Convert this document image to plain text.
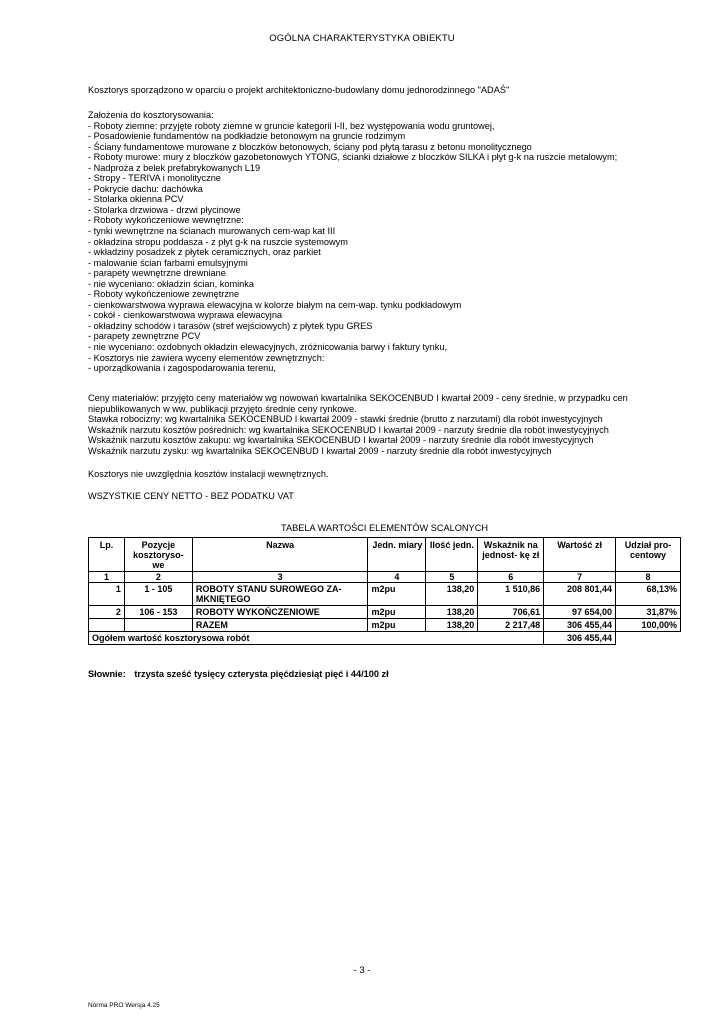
OGÓLNA CHARAKTERYSTYKA OBIEKTU
Kosztorys sporządzono w oparciu o projekt architektoniczno-budowlany domu jednorodzinnego "ADAŚ"
Założenia do kosztorysowania:
- Roboty ziemne: przyjęte roboty ziemne w gruncie kategorii I-II, bez występowania wodu gruntowej,
- Posadowienie fundamentów na podkładzie betonowym na gruncie rodzimym
- Ściany fundamentowe murowane z bloczków betonowych, ściany pod płytą tarasu z betonu monolitycznego
- Roboty murowe: mury z bloczków gazobetonowych YTONG, ścianki działowe z bloczków SILKA i płyt g-k na ruszcie metalowym;
- Nadproża z belek prefabrykowanych L19
- Stropy - TERIVA i monolityczne
- Pokrycie dachu: dachówka
- Stolarka okienna PCV
- Stolarka drzwiowa - drzwi płycinowe
- Roboty wykończeniowe wewnętrzne:
- tynki wewnętrzne na ścianach murowanych cem-wap kat III
- okładzina stropu poddasza - z płyt g-k na ruszcie systemowym
- wkładziny posadzek z płytek ceramicznych, oraz parkiet
- malowanie ścian farbami emulsyjnymi
- parapety wewnętrzne drewniane
- nie wyceniano: okładzin ścian, kominka
- Roboty wykończeniowe zewnętrzne
- cienkowarstwowa wyprawa elewacyjna w kolorze białym na cem-wap. tynku podkładowym
- cokół - cienkowarstwowa wyprawa elewacyjna
- okładziny schodów i tarasów (stref wejściowych) z płytek typu GRES
- parapety zewnętrzne PCV
- nie wyceniano: ozdobnych okładzin elewacyjnych, zróżnicowania barwy i faktury tynku,
- Kosztorys nie zawiera wyceny elementów zewnętrznych:
- uporządkowania i zagospodarowania terenu,
Ceny materiałów: przyjęto ceny materiałów wg nowowań kwartalnika SEKOCENBUD I kwartał 2009 - ceny średnie, w przypadku cen niepublikowanych w ww. publikacji przyjęto średnie ceny rynkowe.
Stawka robocizny: wg kwartalnika SEKOCENBUD I kwartał 2009 - stawki średnie (brutto z narzutami) dla robót inwestycyjnych
Wskaźnik narzutu kosztów pośrednich: wg kwartalnika SEKOCENBUD I kwartał 2009 - narzuty średnie dla robót inwestycyjnych
Wskaźnik narzutu kosztów zakupu: wg kwartalnika SEKOCENBUD I kwartał 2009 - narzuty średnie dla robót inwestycyjnych
Wskaźnik narzutu zysku: wg kwartalnika SEKOCENBUD I kwartał 2009 - narzuty średnie dla robót inwestycyjnych
Kosztorys nie uwzględnia kosztów instalacji wewnętrznych.
WSZYSTKIE CENY NETTO - BEZ PODATKU VAT
TABELA WARTOŚCI ELEMENTÓW SCALONYCH
Lp.	Pozycje kosztoryso- we	Nazwa	Jedn. miary	Ilość jedn.	Wskaźnik na jednost- kę zł	Wartość zł	Udział pro- centowy
1	2	3	4	5	6	7	8
1	1 - 105	ROBOTY STANU SUROWEGO ZA- MKNIĘTEGO	m2pu	138,20	1 510,86	208 801,44	68,13%
2	106 - 153	ROBOTY WYKOŃCZENIOWE	m2pu	138,20	706,61	97 654,00	31,87%
		RAZEM	m2pu	138,20	2 217,48	306 455,44	100,00%
Ogółem wartość kosztorysowa robót						306 455,44	
Słownie: trzysta sześć tysięcy czterysta pięćdziesiąt pięć i 44/100 zł
- 3 -
Norma PRO Wersja 4.25
